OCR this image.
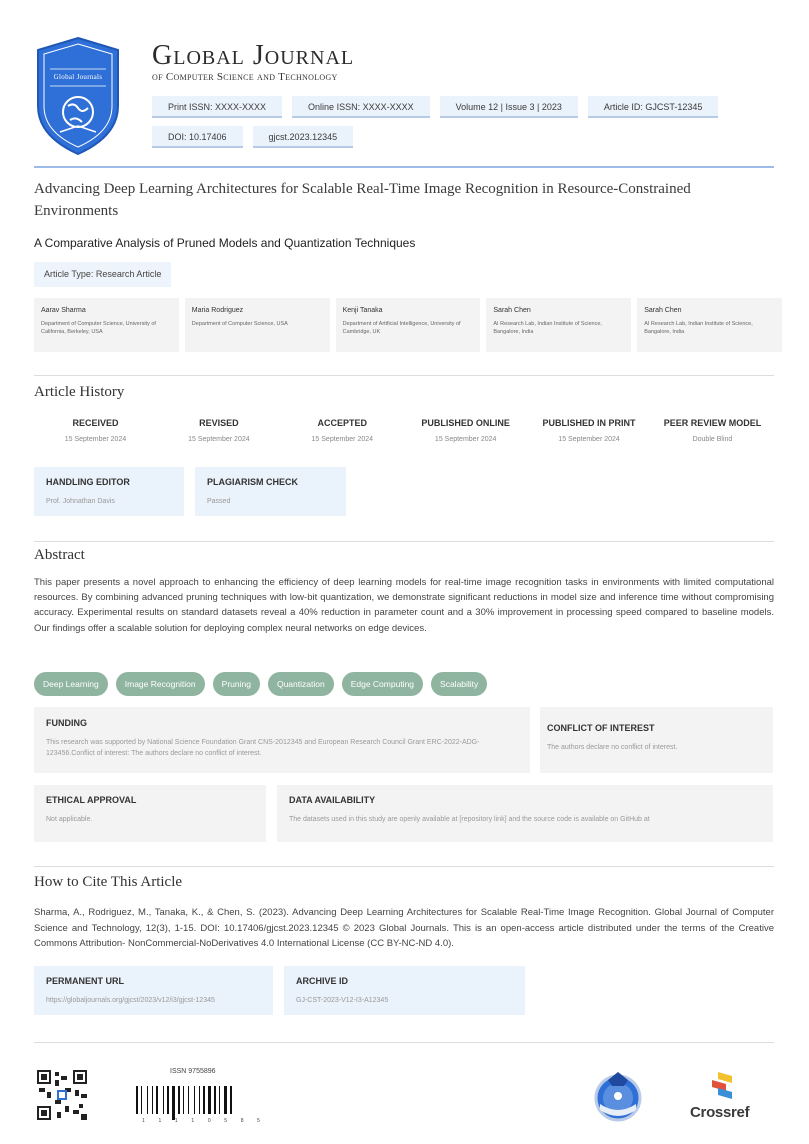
Global Journals
Global Journal
of Computer Science and Technology
Print ISSN: XXXX-XXXX	Online ISSN: XXXX-XXXX	Volume 12 | Issue 3 | 2023	Article ID: GJCST-12345
DOI: 10.17406	gjcst.2023.12345
Advancing Deep Learning Architectures for Scalable Real-Time Image Recognition in Resource-Constrained Environments
A Comparative Analysis of Pruned Models and Quantization Techniques
Article Type: Research Article
Aarav Sharma
Department of Computer Science, University of California, Berkeley, USA
Maria Rodriguez
Department of Computer Science, USA
Kenji Tanaka
Department of Artificial Intelligence, University of Cambridge, UK
Sarah Chen
AI Research Lab, Indian Institute of Science, Bangalore, India
Sarah Chen
AI Research Lab, Indian Institute of Science, Bangalore, India
Article History
RECEIVED
15 September 2024
REVISED
15 September 2024
ACCEPTED
15 September 2024
PUBLISHED ONLINE
15 September 2024
PUBLISHED IN PRINT
15 September 2024
PEER REVIEW MODEL
Double Blind
HANDLING EDITOR
Prof. Johnathan Davis
PLAGIARISM CHECK
Passed
Abstract
This paper presents a novel approach to enhancing the efficiency of deep learning models for real-time image recognition tasks in environments with limited computational resources. By combining advanced pruning techniques with low-bit quantization, we demonstrate significant reductions in model size and inference time without compromising accuracy. Experimental results on standard datasets reveal a 40% reduction in parameter count and a 30% improvement in processing speed compared to baseline models. Our findings offer a scalable solution for deploying complex neural networks on edge devices.
Deep Learning	Image Recognition	Pruning	Quantization	Edge Computing	Scalability
FUNDING
This research was supported by National Science Foundation Grant CNS-2012345 and European Research Council Grant ERC-2022-ADG-123456.Conflict of interest: The authors declare no conflict of interest.
CONFLICT OF INTEREST
The authors declare no conflict of interest.
ETHICAL APPROVAL
Not applicable.
DATA AVAILABILITY
The datasets used in this study are openly available at [repository link] and the source code is available on GitHub at
How to Cite This Article
Sharma, A., Rodriguez, M., Tanaka, K., & Chen, S. (2023). Advancing Deep Learning Architectures for Scalable Real-Time Image Recognition. Global Journal of Computer Science and Technology, 12(3), 1-15. DOI: 10.17406/gjcst.2023.12345 © 2023 Global Journals. This is an open-access article distributed under the terms of the Creative Commons Attribution- NonCommercial-NoDerivatives 4.0 International License (CC BY-NC-ND 4.0).
PERMANENT URL
https://globaljournals.org/gjcst/2023/v12/i3/gjcst-12345
ARCHIVE ID
GJ-CST-2023-V12-I3-A12345
ISSN 9755896
1	1	1	1	0	5	8	5	Crossref
